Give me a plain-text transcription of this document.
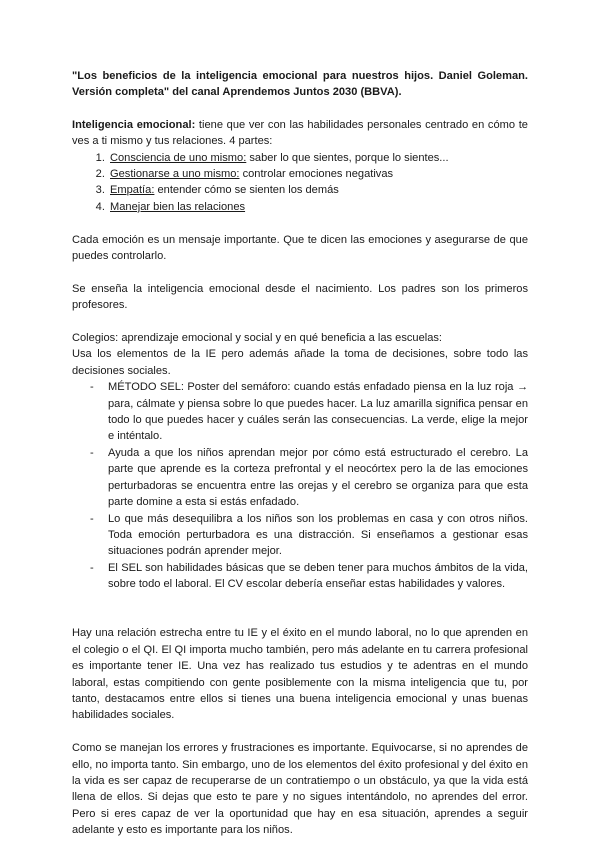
"Los beneficios de la inteligencia emocional para nuestros hijos. Daniel Goleman. Versión completa" del canal Aprendemos Juntos 2030 (BBVA).

Inteligencia emocional: tiene que ver con las habilidades personales centrado en cómo te ves a ti mismo y tus relaciones. 4 partes:

1. Consciencia de uno mismo: saber lo que sientes, porque lo sientes...
2. Gestionarse a uno mismo: controlar emociones negativas
3. Empatía: entender cómo se sienten los demás
4. Manejar bien las relaciones

Cada emoción es un mensaje importante. Que te dicen las emociones y asegurarse de que puedes controlarlo.

Se enseña la inteligencia emocional desde el nacimiento. Los padres son los primeros profesores.

Colegios: aprendizaje emocional y social y en qué beneficia a las escuelas:

Usa los elementos de la IE pero además añade la toma de decisiones, sobre todo las decisiones sociales.

- MÉTODO SEL: Poster del semáforo: cuando estás enfadado piensa en la luz roja → para, cálmate y piensa sobre lo que puedes hacer. La luz amarilla significa pensar en todo lo que puedes hacer y cuáles serán las consecuencias. La verde, elige la mejor e inténtalo.
- Ayuda a que los niños aprendan mejor por cómo está estructurado el cerebro. La parte que aprende es la corteza prefrontal y el neocórtex pero la de las emociones perturbadoras se encuentra entre las orejas y el cerebro se organiza para que esta parte domine a esta si estás enfadado.
- Lo que más desequilibra a los niños son los problemas en casa y con otros niños. Toda emoción perturbadora es una distracción. Si enseñamos a gestionar esas situaciones podrán aprender mejor.
- El SEL son habilidades básicas que se deben tener para muchos ámbitos de la vida, sobre todo el laboral. El CV escolar debería enseñar estas habilidades y valores.

Hay una relación estrecha entre tu IE y el éxito en el mundo laboral, no lo que aprenden en el colegio o el QI. El QI importa mucho también, pero más adelante en tu carrera profesional es importante tener IE. Una vez has realizado tus estudios y te adentras en el mundo laboral, estas compitiendo con gente posiblemente con la misma inteligencia que tu, por tanto, destacamos entre ellos si tienes una buena inteligencia emocional y unas buenas habilidades sociales.

Como se manejan los errores y frustraciones es importante. Equivocarse, si no aprendes de ello, no importa tanto. Sin embargo, uno de los elementos del éxito profesional y del éxito en la vida es ser capaz de recuperarse de un contratiempo o un obstáculo, ya que la vida está llena de ellos. Si dejas que esto te pare y no sigues intentándolo, no aprendes del error. Pero si eres capaz de ver la oportunidad que hay en esa situación, aprendes a seguir adelante y esto es importante para los niños.
